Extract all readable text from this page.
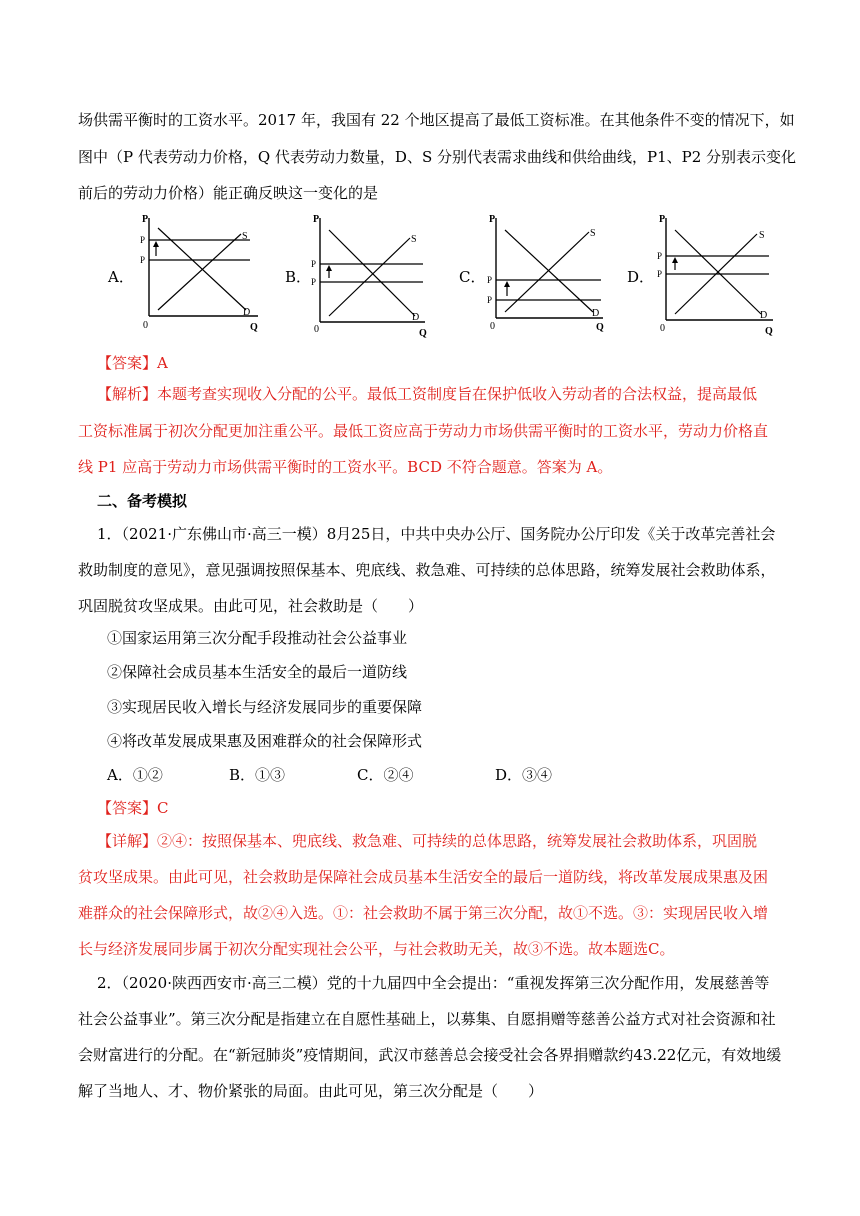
场供需平衡时的工资水平。2017 年，我国有 22 个地区提高了最低工资标准。在其他条件不变的情况下，如
图中（P 代表劳动力价格，Q 代表劳动力数量，D、S 分别代表需求曲线和供给曲线，P1、P2 分别表示变化
前后的劳动力价格）能正确反映这一变化的是
A．
P
0	Q
S
D
P
P
B．
P
0	Q
S
D
P
P	C．
P
0	Q
S
D
P
P
D．
P
0	Q
S
D
P
P
【答案】A
【解析】本题考查实现收入分配的公平。最低工资制度旨在保护低收入劳动者的合法权益，提高最低
工资标准属于初次分配更加注重公平。最低工资应高于劳动力市场供需平衡时的工资水平，劳动力价格直
线 P1 应高于劳动力市场供需平衡时的工资水平。BCD 不符合题意。答案为 A。
二、备考模拟
1．（2021·广东佛山市·高三一模）8月25日，中共中央办公厅、国务院办公厅印发《关于改革完善社会
救助制度的意见》，意见强调按照保基本、兜底线、救急难、可持续的总体思路，统筹发展社会救助体系，
巩固脱贫攻坚成果。由此可见，社会救助是（　　）
①国家运用第三次分配手段推动社会公益事业
②保障社会成员基本生活安全的最后一道防线
③实现居民收入增长与经济发展同步的重要保障
④将改革发展成果惠及困难群众的社会保障形式
A．①②	B．①③	C．②④	D．③④
【答案】C
【详解】②④：按照保基本、兜底线、救急难、可持续的总体思路，统筹发展社会救助体系，巩固脱
贫攻坚成果。由此可见，社会救助是保障社会成员基本生活安全的最后一道防线，将改革发展成果惠及困
难群众的社会保障形式，故②④入选。①：社会救助不属于第三次分配，故①不选。③：实现居民收入增
长与经济发展同步属于初次分配实现社会公平，与社会救助无关，故③不选。故本题选C。
2．（2020·陕西西安市·高三二模）党的十九届四中全会提出：“重视发挥第三次分配作用，发展慈善等
社会公益事业”。第三次分配是指建立在自愿性基础上，以募集、自愿捐赠等慈善公益方式对社会资源和社
会财富进行的分配。在“新冠肺炎”疫情期间，武汉市慈善总会接受社会各界捐赠款约43.22亿元，有效地缓
解了当地人、才、物价紧张的局面。由此可见，第三次分配是（　　）
